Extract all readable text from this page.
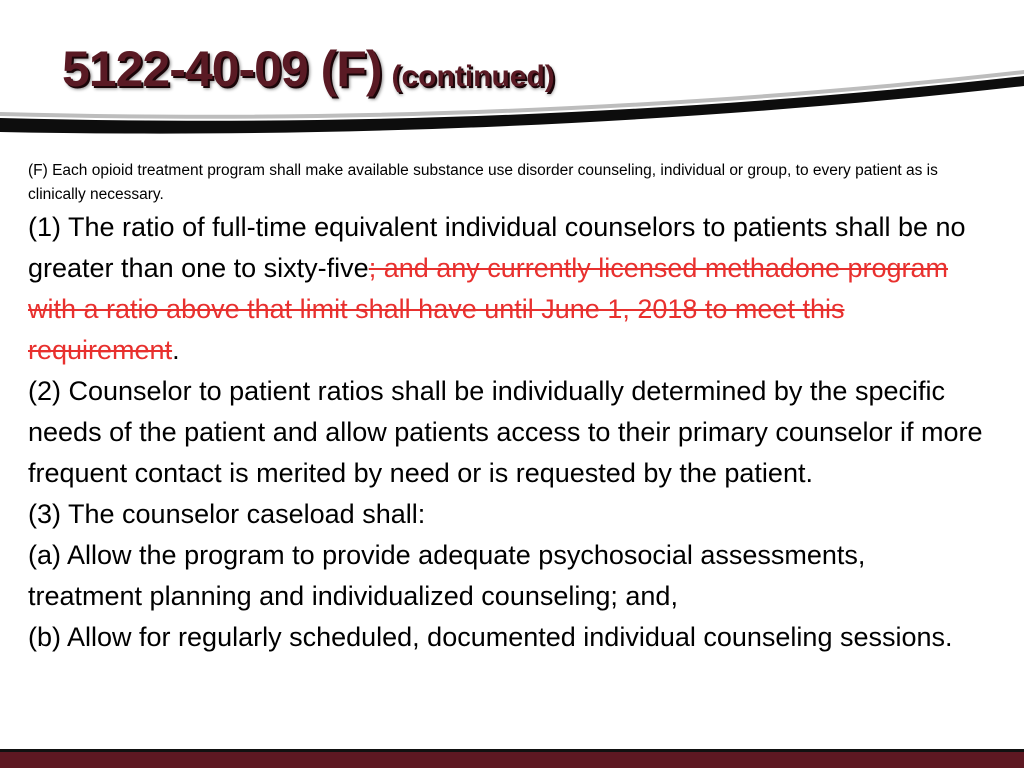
5122-40-09 (F) (continued)

(F) Each opioid treatment program shall make available substance use disorder counseling, individual or group, to every patient as is clinically necessary.

(1) The ratio of full-time equivalent individual counselors to patients shall be no greater than one to sixty-five; and any currently licensed methadone program with a ratio above that limit shall have until June 1, 2018 to meet this requirement.

(2) Counselor to patient ratios shall be individually determined by the specific needs of the patient and allow patients access to their primary counselor if more frequent contact is merited by need or is requested by the patient.

(3) The counselor caseload shall:

(a) Allow the program to provide adequate psychosocial assessments, treatment planning and individualized counseling; and,

(b) Allow for regularly scheduled, documented individual counseling sessions.
